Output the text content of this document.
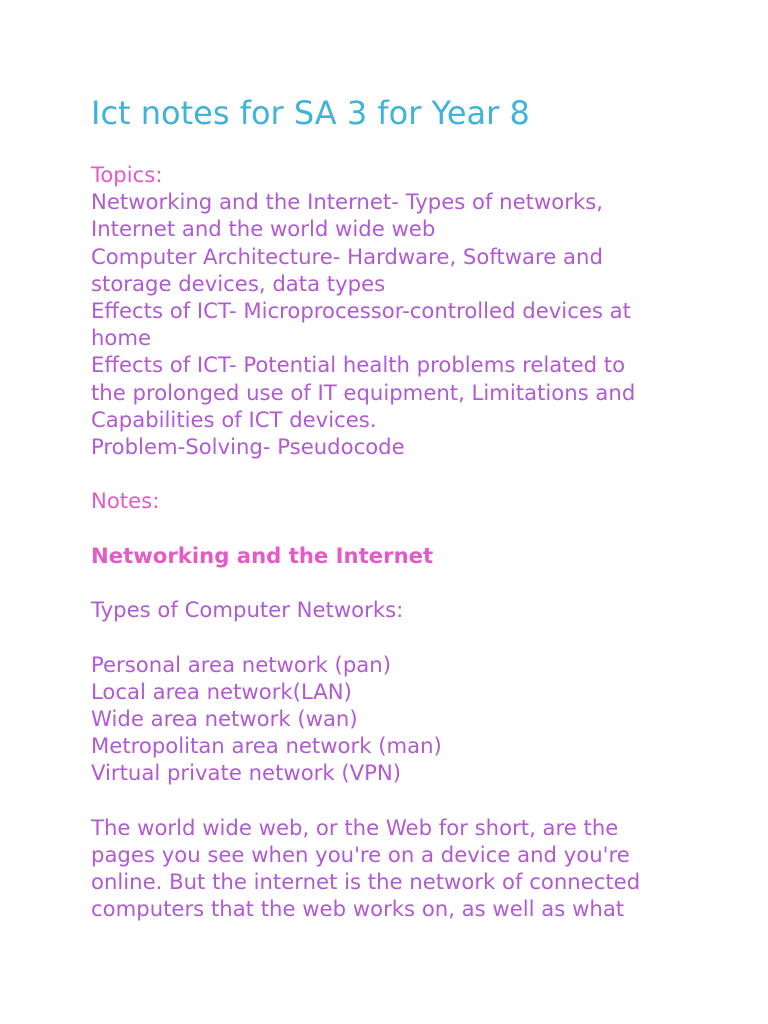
Ict notes for SA 3 for Year 8
Topics:
Networking and the Internet- Types of networks,
Internet and the world wide web
Computer Architecture- Hardware, Software and
storage devices, data types
Effects of ICT- Microprocessor-controlled devices at
home
Effects of ICT- Potential health problems related to
the prolonged use of IT equipment, Limitations and
Capabilities of ICT devices.
Problem-Solving- Pseudocode
Notes:
Networking and the Internet
Types of Computer Networks:
Personal area network (pan)
Local area network(LAN)
Wide area network (wan)
Metropolitan area network (man)
Virtual private network (VPN)
The world wide web, or the Web for short, are the
pages you see when you're on a device and you're
online. But the internet is the network of connected
computers that the web works on, as well as what
